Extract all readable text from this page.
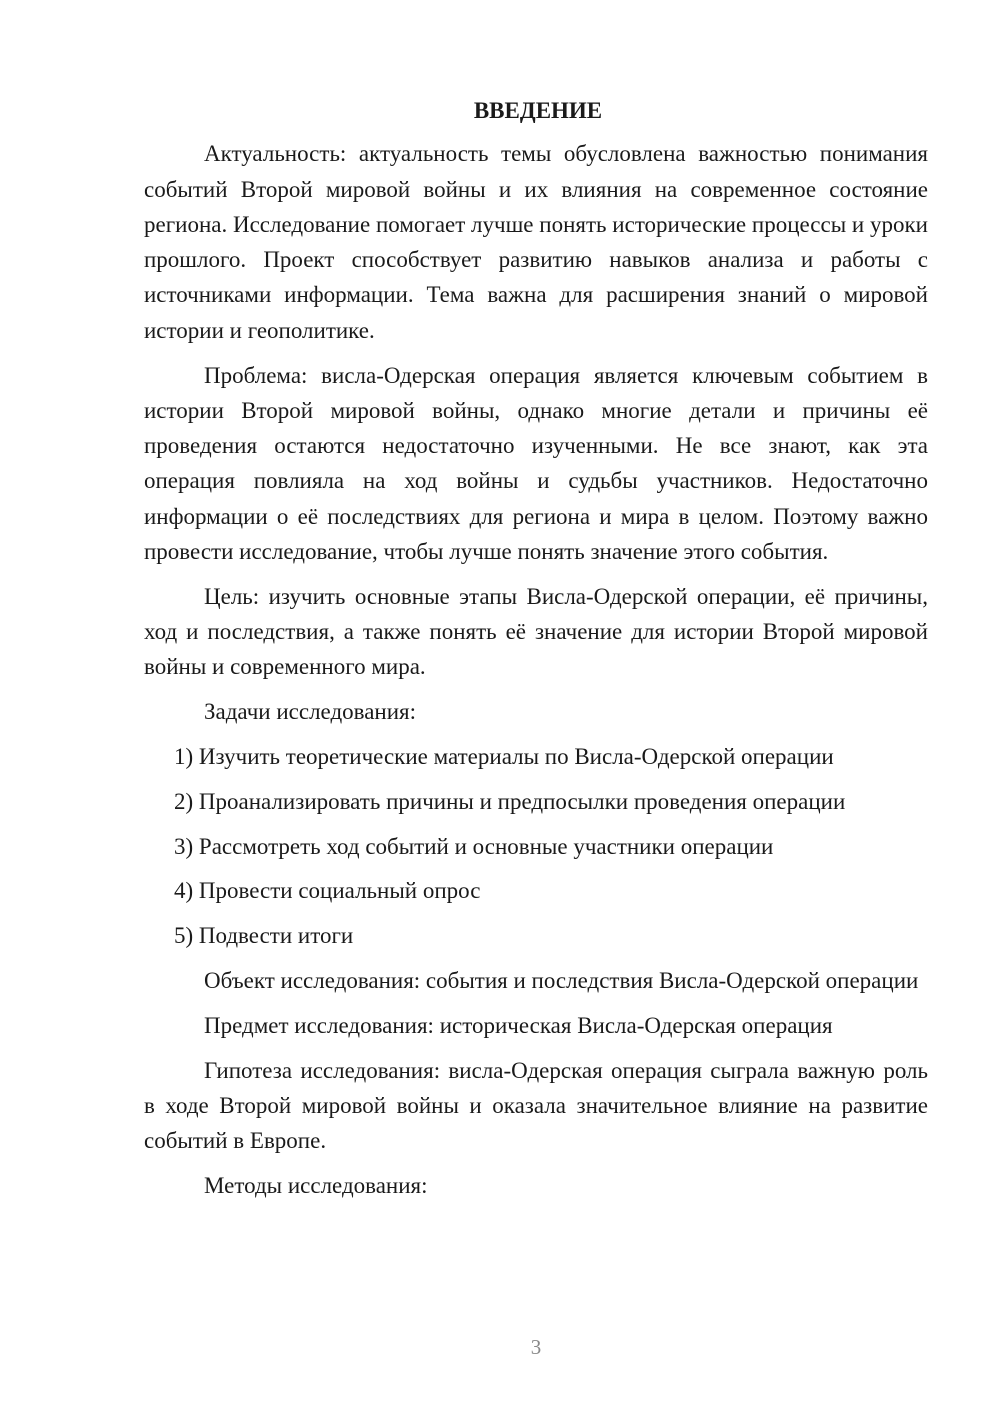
ВВЕДЕНИЕ

Актуальность: актуальность темы обусловлена важностью понимания событий Второй мировой войны и их влияния на современное состояние региона. Исследование помогает лучше понять исторические процессы и уроки прошлого. Проект способствует развитию навыков анализа и работы с источниками информации. Тема важна для расширения знаний о мировой истории и геополитике.

Проблема: висла-Одерская операция является ключевым событием в истории Второй мировой войны, однако многие детали и причины её проведения остаются недостаточно изученными. Не все знают, как эта операция повлияла на ход войны и судьбы участников. Недостаточно информации о её последствиях для региона и мира в целом. Поэтому важно провести исследование, чтобы лучше понять значение этого события.

Цель: изучить основные этапы Висла-Одерской операции, её причины, ход и последствия, а также понять её значение для истории Второй мировой войны и современного мира.

Задачи исследования:

1) Изучить теоретические материалы по Висла-Одерской операции
2) Проанализировать причины и предпосылки проведения операции
3) Рассмотреть ход событий и основные участники операции
4) Провести социальный опрос
5) Подвести итоги

Объект исследования: события и последствия Висла-Одерской операции

Предмет исследования: историческая Висла-Одерская операция

Гипотеза исследования: висла-Одерская операция сыграла важную роль в ходе Второй мировой войны и оказала значительное влияние на развитие событий в Европе.

Методы исследования:

3
